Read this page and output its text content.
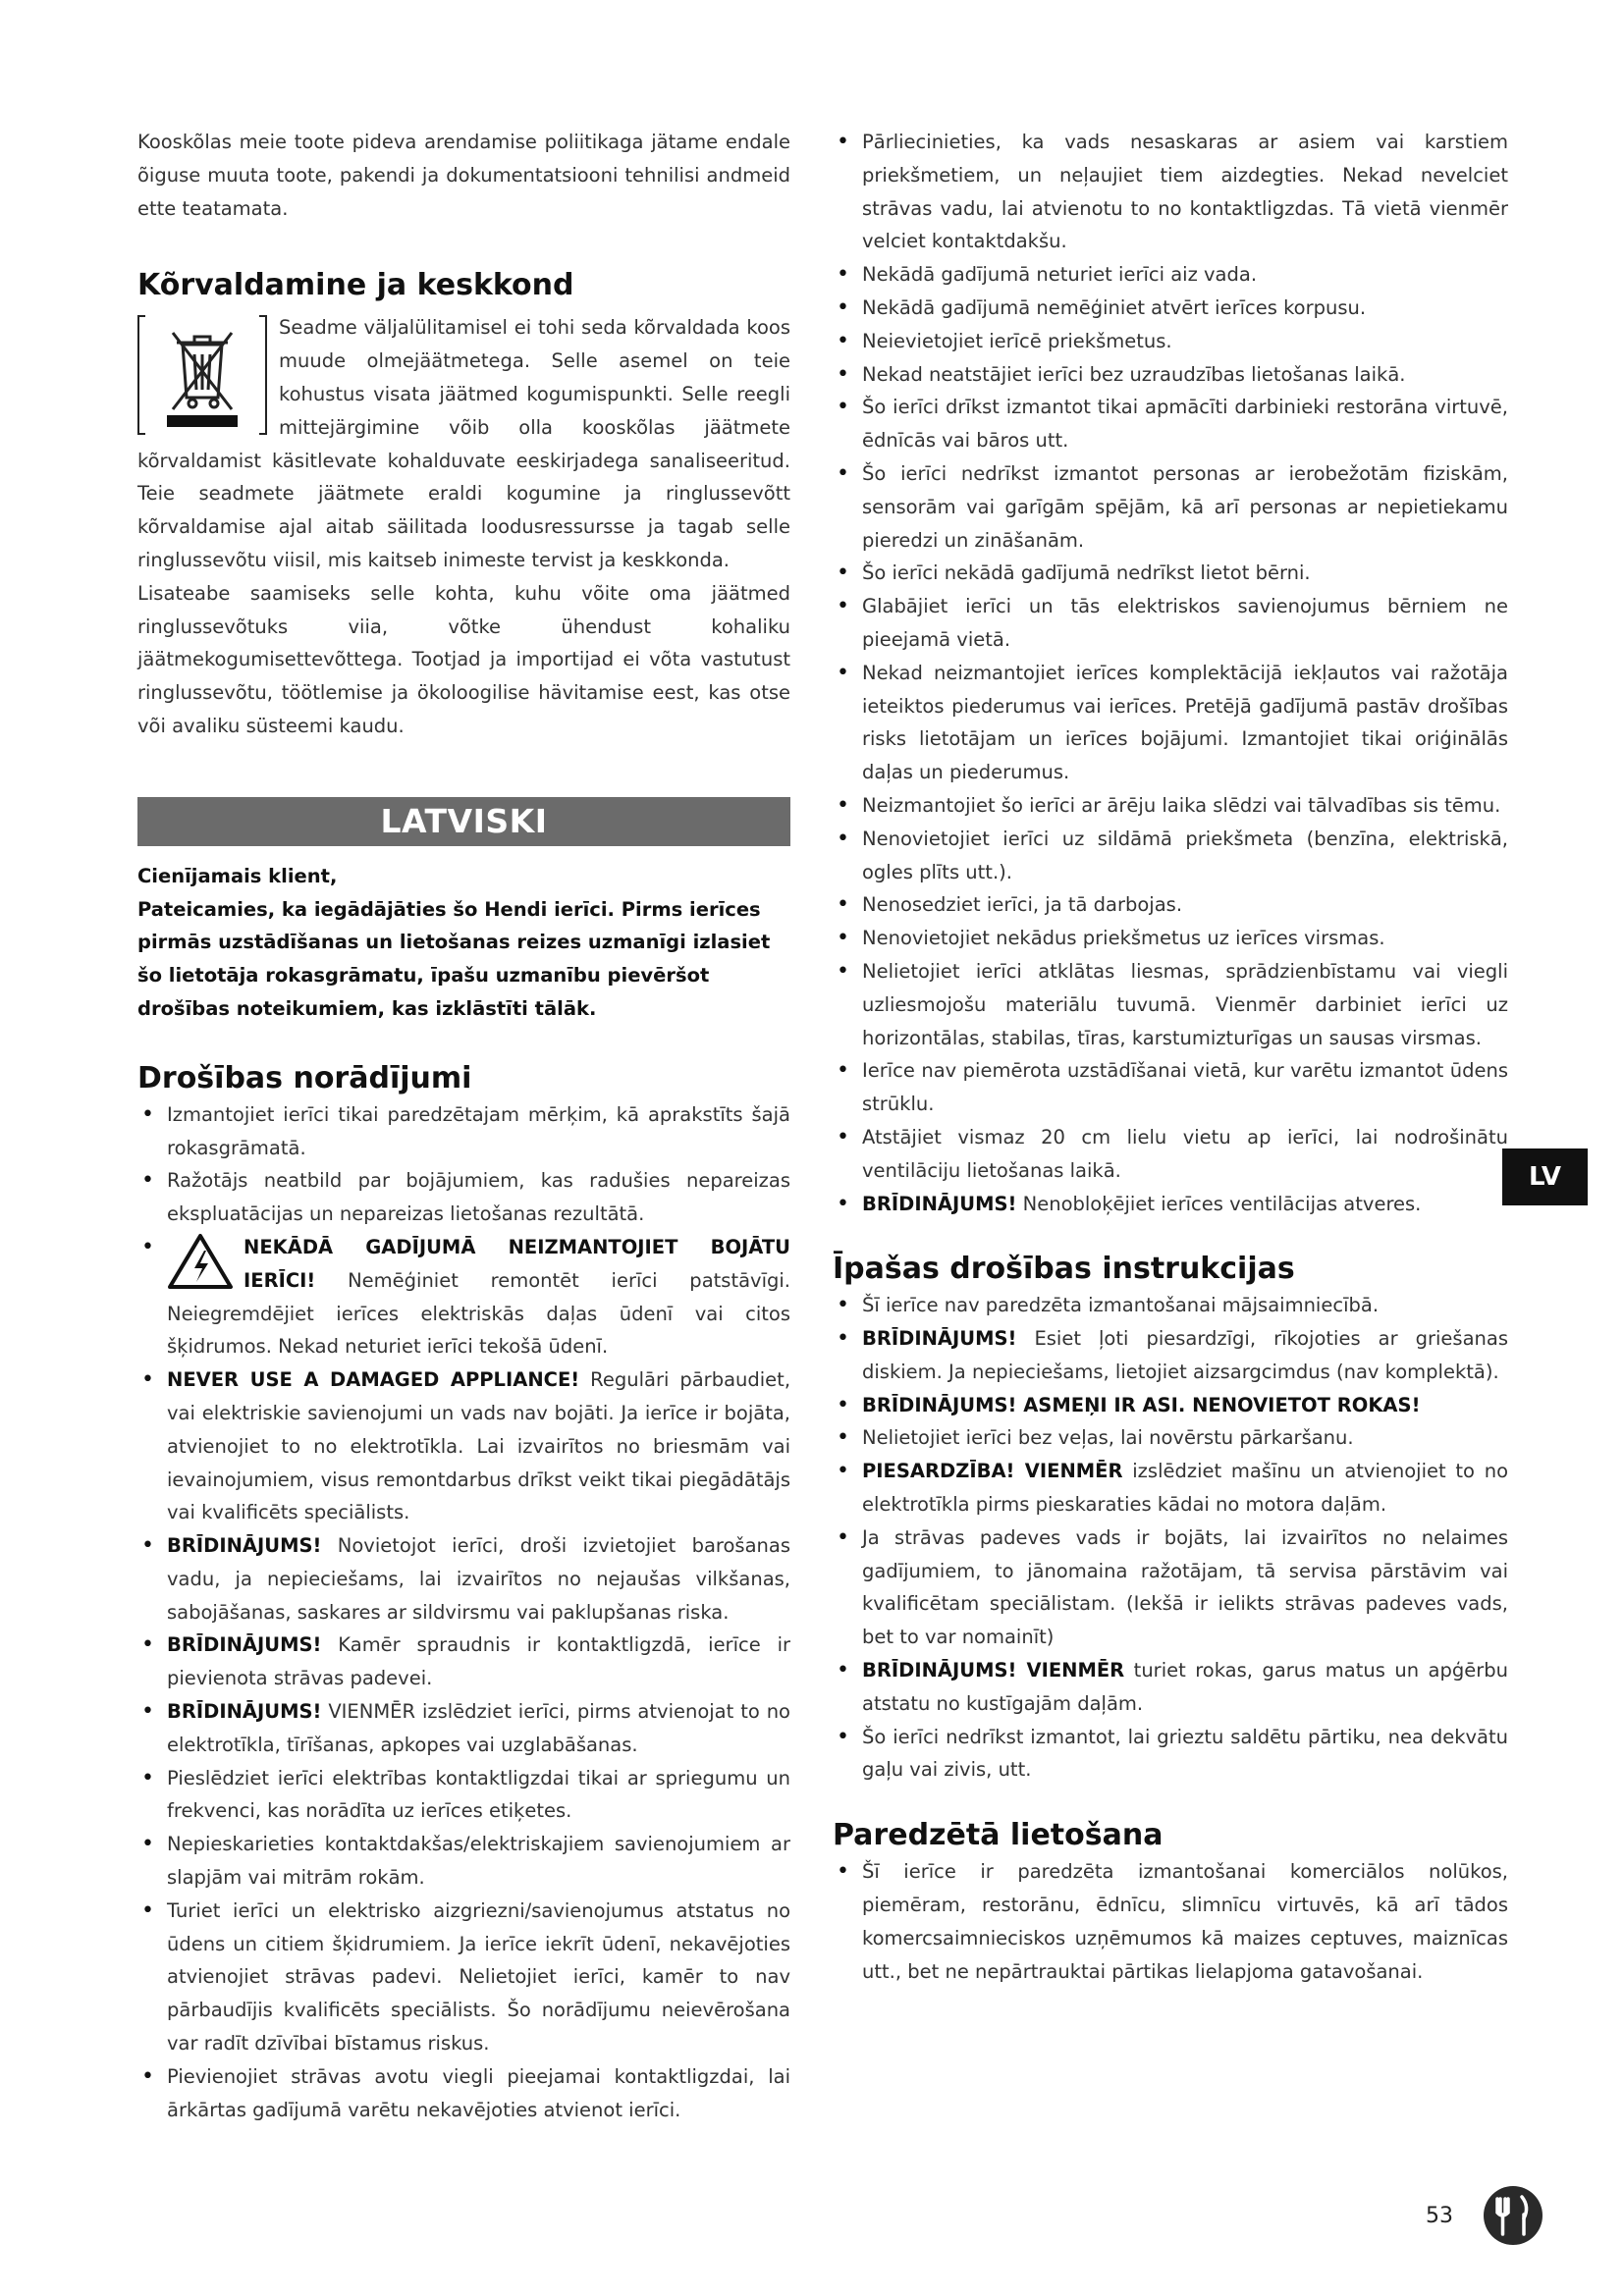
Kooskõlas meie toote pideva arendamise poliitikaga jätame endale õiguse muuta toote, pakendi ja dokumentatsiooni tehnilisi andmeid ette teatamata.

Kõrvaldamine ja keskkond

Seadme väljalülitamisel ei tohi seda kõrvaldada koos muude olmejäätmetega. Selle asemel on teie kohustus visata jäätmed kogumispunkti. Selle reegli mittejärgimine võib olla kooskõlas jäätmete kõrvaldamist käsitlevate kohalduvate eeskirjadega sanaliseeritud. Teie seadmete jäätmete eraldi kogumine ja ringlussevõtt kõrvaldamise ajal aitab säilitada loodusressursse ja tagab selle ringlussevõtu viisil, mis kaitseb inimeste tervist ja keskkonda.

Lisateabe saamiseks selle kohta, kuhu võite oma jäätmed ringlussevõtuks viia, võtke ühendust kohaliku jäätmekogumisettevõttega. Tootjad ja importijad ei võta vastutust ringlussevõtu, töötlemise ja ökoloogilise hävitamise eest, kas otse või avaliku süsteemi kaudu.

LATVISKI

Cienījamais klient,

Pateicamies, ka iegādājāties šo Hendi ierīci. Pirms ierīces pirmās uzstādīšanas un lietošanas reizes uzmanīgi izlasiet šo lietotāja rokasgrāmatu, īpašu uzmanību pievēršot drošības noteikumiem, kas izklāstīti tālāk.

Drošības norādījumi
• Izmantojiet ierīci tikai paredzētajam mērķim, kā aprakstīts šajā rokasgrāmatā.
• Ražotājs neatbild par bojājumiem, kas radušies nepareizas ekspluatācijas un nepareizas lietošanas rezultātā.
• NEKĀDĀ GADĪJUMĀ NEIZMANTOJIET BOJĀTU IERĪCI! Nemēģiniet remontēt ierīci patstāvīgi. Neiegremdējiet ierīces elektriskās daļas ūdenī vai citos šķidrumos. Nekad neturiet ierīci tekošā ūdenī.
• NEVER USE A DAMAGED APPLIANCE! Regulāri pārbaudiet, vai elektriskie savienojumi un vads nav bojāti. Ja ierīce ir bojāta, atvienojiet to no elektrotīkla. Lai izvairītos no briesmām vai ievainojumiem, visus remontdarbus drīkst veikt tikai piegādātājs vai kvalificēts speciālists.
• BRĪDINĀJUMS! Novietojot ierīci, droši izvietojiet barošanas vadu, ja nepieciešams, lai izvairītos no nejaušas vilkšanas, sabojāšanas, saskares ar sildvirsmu vai paklupšanas riska.
• BRĪDINĀJUMS! Kamēr spraudnis ir kontaktligzdā, ierīce ir pievienota strāvas padevei.
• BRĪDINĀJUMS! VIENMĒR izslēdziet ierīci, pirms atvienojat to no elektrotīkla, tīrīšanas, apkopes vai uzglabāšanas.
• Pieslēdziet ierīci elektrības kontaktligzdai tikai ar spriegumu un frekvenci, kas norādīta uz ierīces etiķetes.
• Nepieskarieties kontaktdakšas/elektriskajiem savienojumiem ar slapjām vai mitrām rokām.
• Turiet ierīci un elektrisko aizgriezni/savienojumus atstatus no ūdens un citiem šķidrumiem. Ja ierīce iekrīt ūdenī, nekavējoties atvienojiet strāvas padevi. Nelietojiet ierīci, kamēr to nav pārbaudījis kvalificēts speciālists. Šo norādījumu neievērošana var radīt dzīvībai bīstamus riskus.
• Pievienojiet strāvas avotu viegli pieejamai kontaktligzdai, lai ārkārtas gadījumā varētu nekavējoties atvienot ierīci.
• Pārliecinieties, ka vads nesaskaras ar asiem vai karstiem priekšmetiem, un neļaujiet tiem aizdegties. Nekad nevelciet strāvas vadu, lai atvienotu to no kontaktligzdas. Tā vietā vienmēr velciet kontaktdakšu.
• Nekādā gadījumā neturiet ierīci aiz vada.
• Nekādā gadījumā nemēģiniet atvērt ierīces korpusu.
• Neievietojiet ierīcē priekšmetus.
• Nekad neatstājiet ierīci bez uzraudzības lietošanas laikā.
• Šo ierīci drīkst izmantot tikai apmācīti darbinieki restorāna virtuvē, ēdnīcās vai bāros utt.
• Šo ierīci nedrīkst izmantot personas ar ierobežotām fiziskām, sensorām vai garīgām spējām, kā arī personas ar nepietiekamu pieredzi un zināšanām.
• Šo ierīci nekādā gadījumā nedrīkst lietot bērni.
• Glabājiet ierīci un tās elektriskos savienojumus bērniem ne pieejamā vietā.
• Nekad neizmantojiet ierīces komplektācijā iekļautos vai ražotāja ieteiktos piederumus vai ierīces. Pretējā gadījumā pastāv drošības risks lietotājam un ierīces bojājumi. Izmantojiet tikai oriģinālās daļas un piederumus.
• Neizmantojiet šo ierīci ar ārēju laika slēdzi vai tālvadības sis tēmu.
• Nenovietojiet ierīci uz sildāmā priekšmeta (benzīna, elektriskā, ogles plīts utt.).
• Nenosedziet ierīci, ja tā darbojas.
• Nenovietojiet nekādus priekšmetus uz ierīces virsmas.
• Nelietojiet ierīci atklātas liesmas, sprādzienbīstamu vai viegli uzliesmojošu materiālu tuvumā. Vienmēr darbiniet ierīci uz horizontālas, stabilas, tīras, karstumizturīgas un sausas virsmas.
• Ierīce nav piemērota uzstādīšanai vietā, kur varētu izmantot ūdens strūklu.
• Atstājiet vismaz 20 cm lielu vietu ap ierīci, lai nodrošinātu ventilāciju lietošanas laikā.
• BRĪDINĀJUMS! Nenobloķējiet ierīces ventilācijas atveres.
Īpašas drošības instrukcijas
• Šī ierīce nav paredzēta izmantošanai mājsaimniecībā.
• BRĪDINĀJUMS! Esiet ļoti piesardzīgi, rīkojoties ar griešanas diskiem. Ja nepieciešams, lietojiet aizsargcimdus (nav komplektā).
• BRĪDINĀJUMS! ASMEŅI IR ASI. NENOVIETOT ROKAS!
• Nelietojiet ierīci bez veļas, lai novērstu pārkaršanu.
• PIESARDZĪBA! VIENMĒR izslēdziet mašīnu un atvienojiet to no elektrotīkla pirms pieskaraties kādai no motora daļām.
• Ja strāvas padeves vads ir bojāts, lai izvairītos no nelaimes gadījumiem, to jānomaina ražotājam, tā servisa pārstāvim vai kvalificētam speciālistam. (Iekšā ir ielikts strāvas padeves vads, bet to var nomainīt)
• BRĪDINĀJUMS! VIENMĒR turiet rokas, garus matus un apģērbu atstatu no kustīgajām daļām.
• Šo ierīci nedrīkst izmantot, lai grieztu saldētu pārtiku, nea dekvātu gaļu vai zivis, utt.
Paredzētā lietošana
• Šī ierīce ir paredzēta izmantošanai komerciālos nolūkos, piemēram, restorānu, ēdnīcu, slimnīcu virtuvēs, kā arī tādos komercsaimnieciskos uzņēmumos kā maizes ceptuves, maiznīcas utt., bet ne nepārtrauktai pārtikas lielapjoma gatavošanai.
LV
53
